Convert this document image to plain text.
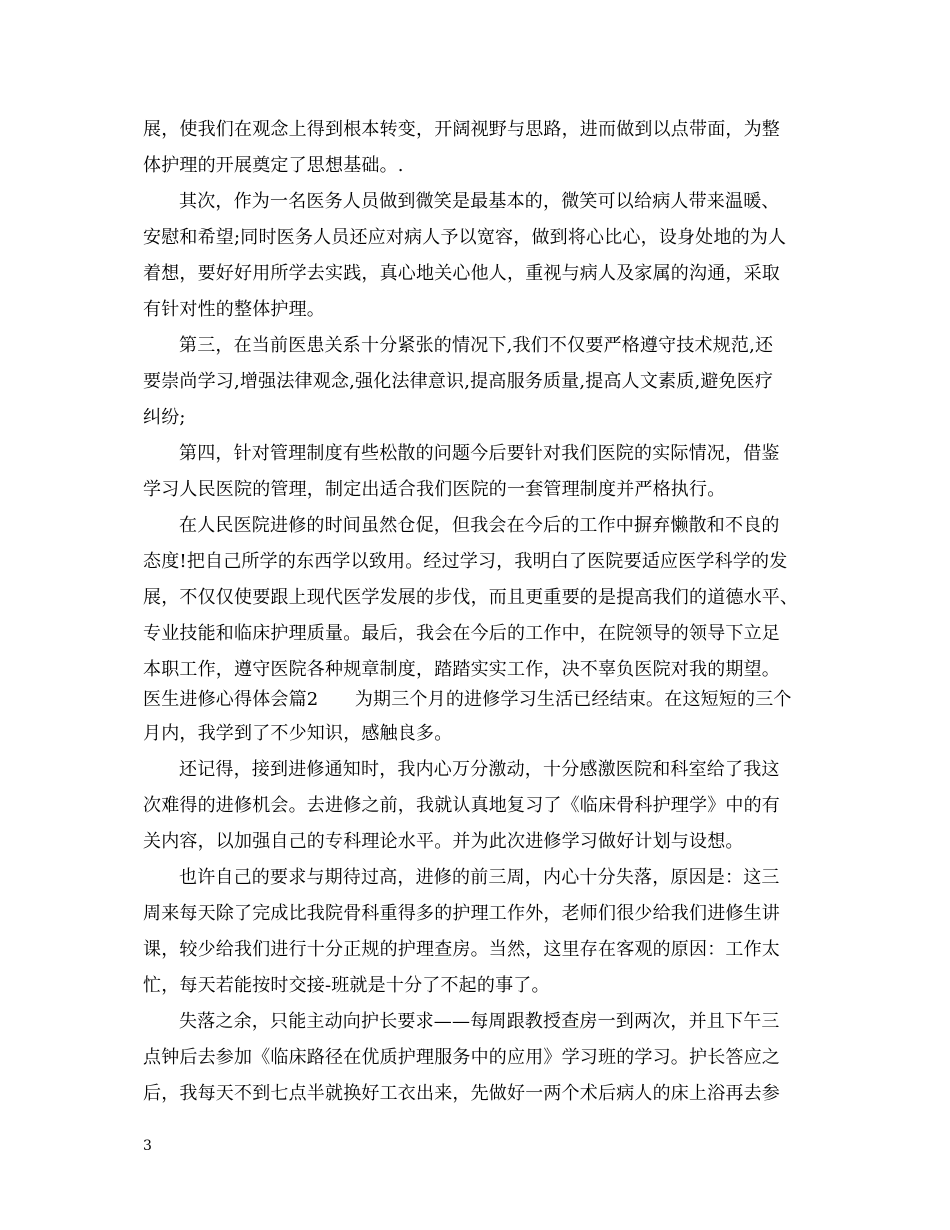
展，使我们在观念上得到根本转变，开阔视野与思路，进而做到以点带面，为整
体护理的开展奠定了思想基础。.
其次，作为一名医务人员做到微笑是最基本的，微笑可以给病人带来温暖、
安慰和希望;同时医务人员还应对病人予以宽容，做到将心比心，设身处地的为人
着想，要好好用所学去实践，真心地关心他人，重视与病人及家属的沟通，采取
有针对性的整体护理。
第三，在当前医患关系十分紧张的情况下,我们不仅要严格遵守技术规范,还
要崇尚学习,增强法律观念,强化法律意识,提高服务质量,提高人文素质,避免医疗
纠纷;
第四，针对管理制度有些松散的问题今后要针对我们医院的实际情况，借鉴
学习人民医院的管理，制定出适合我们医院的一套管理制度并严格执行。
在人民医院进修的时间虽然仓促，但我会在今后的工作中摒弃懒散和不良的
态度!把自己所学的东西学以致用。经过学习，我明白了医院要适应医学科学的发
展，不仅仅使要跟上现代医学发展的步伐，而且更重要的是提高我们的道德水平、
专业技能和临床护理质量。最后，我会在今后的工作中，在院领导的领导下立足
本职工作，遵守医院各种规章制度，踏踏实实工作，决不辜负医院对我的期望。
医生进修心得体会篇2　　为期三个月的进修学习生活已经结束。在这短短的三个
月内，我学到了不少知识，感触良多。
还记得，接到进修通知时，我内心万分激动，十分感激医院和科室给了我这
次难得的进修机会。去进修之前，我就认真地复习了《临床骨科护理学》中的有
关内容，以加强自己的专科理论水平。并为此次进修学习做好计划与设想。
也许自己的要求与期待过高，进修的前三周，内心十分失落，原因是：这三
周来每天除了完成比我院骨科重得多的护理工作外，老师们很少给我们进修生讲
课，较少给我们进行十分正规的护理查房。当然，这里存在客观的原因：工作太
忙，每天若能按时交接-班就是十分了不起的事了。
失落之余，只能主动向护长要求——每周跟教授查房一到两次，并且下午三
点钟后去参加《临床路径在优质护理服务中的应用》学习班的学习。护长答应之
后，我每天不到七点半就换好工衣出来，先做好一两个术后病人的床上浴再去参
3
